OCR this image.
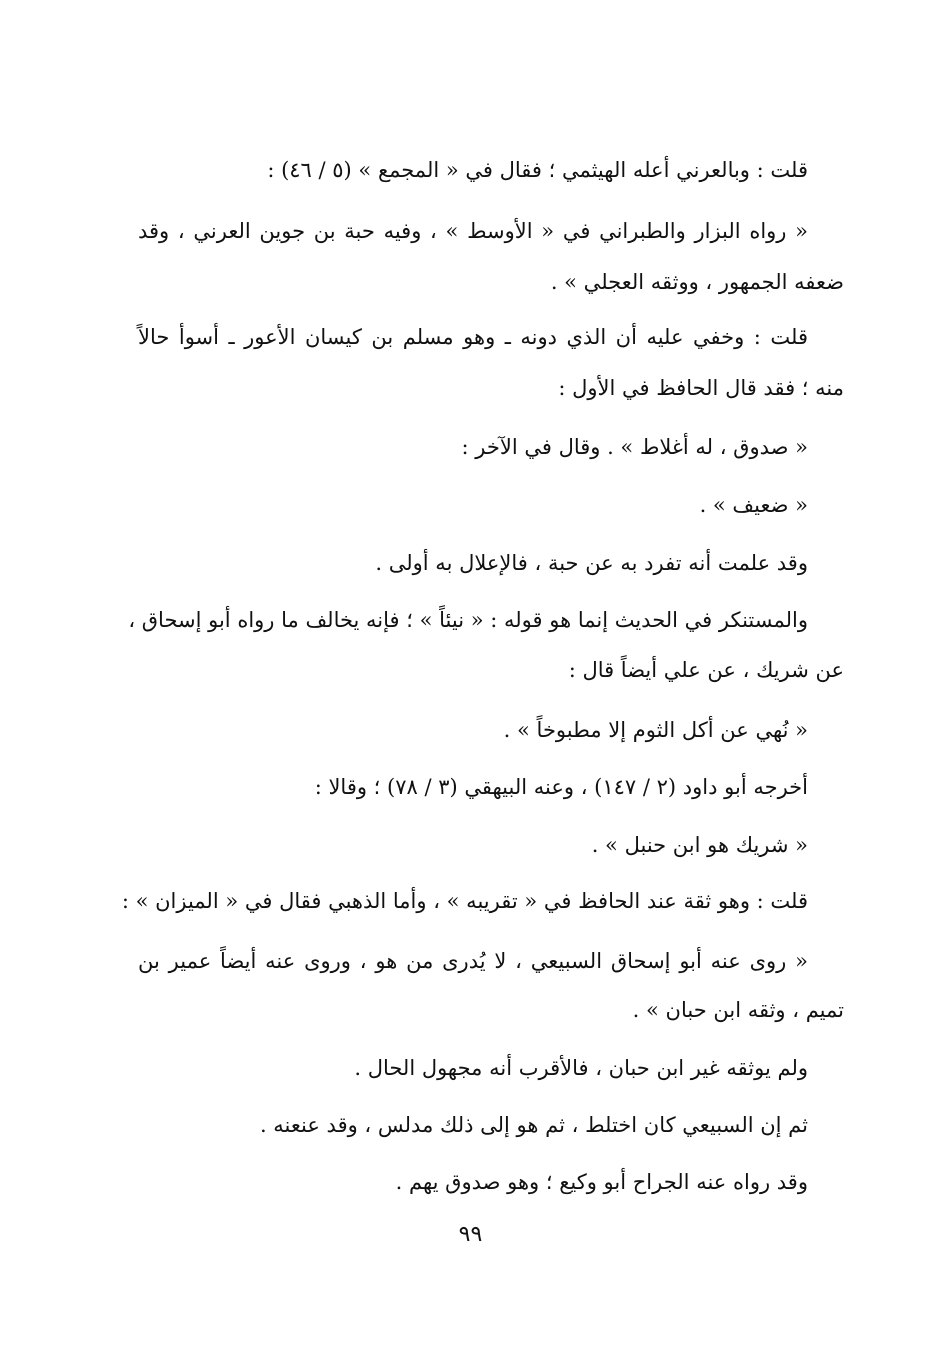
قلت : وبالعرني أعله الهيثمي ؛ فقال في « المجمع » (٥ / ٤٦) :
« رواه البزار والطبراني في « الأوسط » ، وفيه حبة بن جوين العرني ، وقد
ضعفه الجمهور ، ووثقه العجلي » .
قلت : وخفي عليه أن الذي دونه ـ وهو مسلم بن كيسان الأعور ـ أسوأ حالاً
منه ؛ فقد قال الحافظ في الأول :
« صدوق ، له أغلاط » . وقال في الآخر :
« ضعيف » .
وقد علمت أنه تفرد به عن حبة ، فالإعلال به أولى .
والمستنكر في الحديث إنما هو قوله : « نيئاً » ؛ فإنه يخالف ما رواه أبو إسحاق ،
عن شريك ، عن علي أيضاً قال :
« نُهي عن أكل الثوم إلا مطبوخاً » .
أخرجه أبو داود (٢ / ١٤٧) ، وعنه البيهقي (٣ / ٧٨) ؛ وقالا :
« شريك هو ابن حنبل » .
قلت : وهو ثقة عند الحافظ في « تقريبه » ، وأما الذهبي فقال في « الميزان » :
« روى عنه أبو إسحاق السبيعي ، لا يُدرى من هو ، وروى عنه أيضاً عمير بن
تميم ، وثقه ابن حبان » .
ولم يوثقه غير ابن حبان ، فالأقرب أنه مجهول الحال .
ثم إن السبيعي كان اختلط ، ثم هو إلى ذلك مدلس ، وقد عنعنه .
وقد رواه عنه الجراح أبو وكيع ؛ وهو صدوق يهم .
٩٩
